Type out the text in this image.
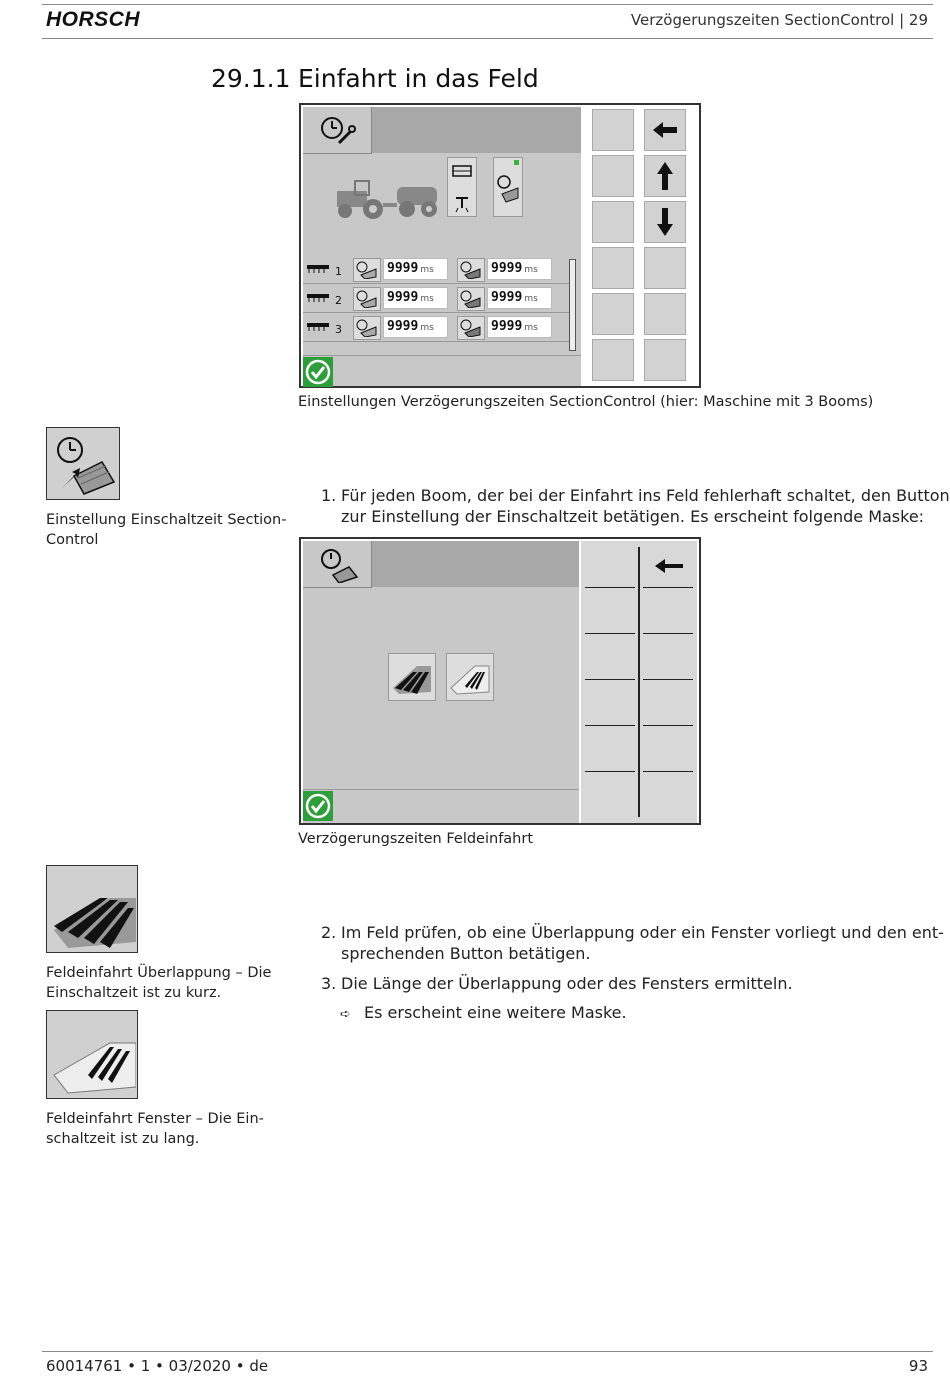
HORSCH	Verzögerungszeiten SectionControl | 29
29.1.1 Einfahrt in das Feld
1	9999 ms	9999 ms
2	9999 ms	9999 ms
3	9999 ms	9999 ms
Einstellungen Verzögerungszeiten SectionControl (hier: Maschine mit 3 Booms)
Einstellung Einschaltzeit Section-
Control
1. Für jeden Boom, der bei der Einfahrt ins Feld fehlerhaft schaltet, den Button
zur Einstellung der Einschaltzeit betätigen. Es erscheint folgende Maske:
Verzögerungszeiten Feldeinfahrt
Feldeinfahrt Überlappung – Die
Einschaltzeit ist zu kurz.
Feldeinfahrt Fenster – Die Ein-
schaltzeit ist zu lang.
2. Im Feld prüfen, ob eine Überlappung oder ein Fenster vorliegt und den ent-
sprechenden Button betätigen.
3. Die Länge der Überlappung oder des Fensters ermitteln.
➪ Es erscheint eine weitere Maske.
60014761 • 1 • 03/2020 • de	93
